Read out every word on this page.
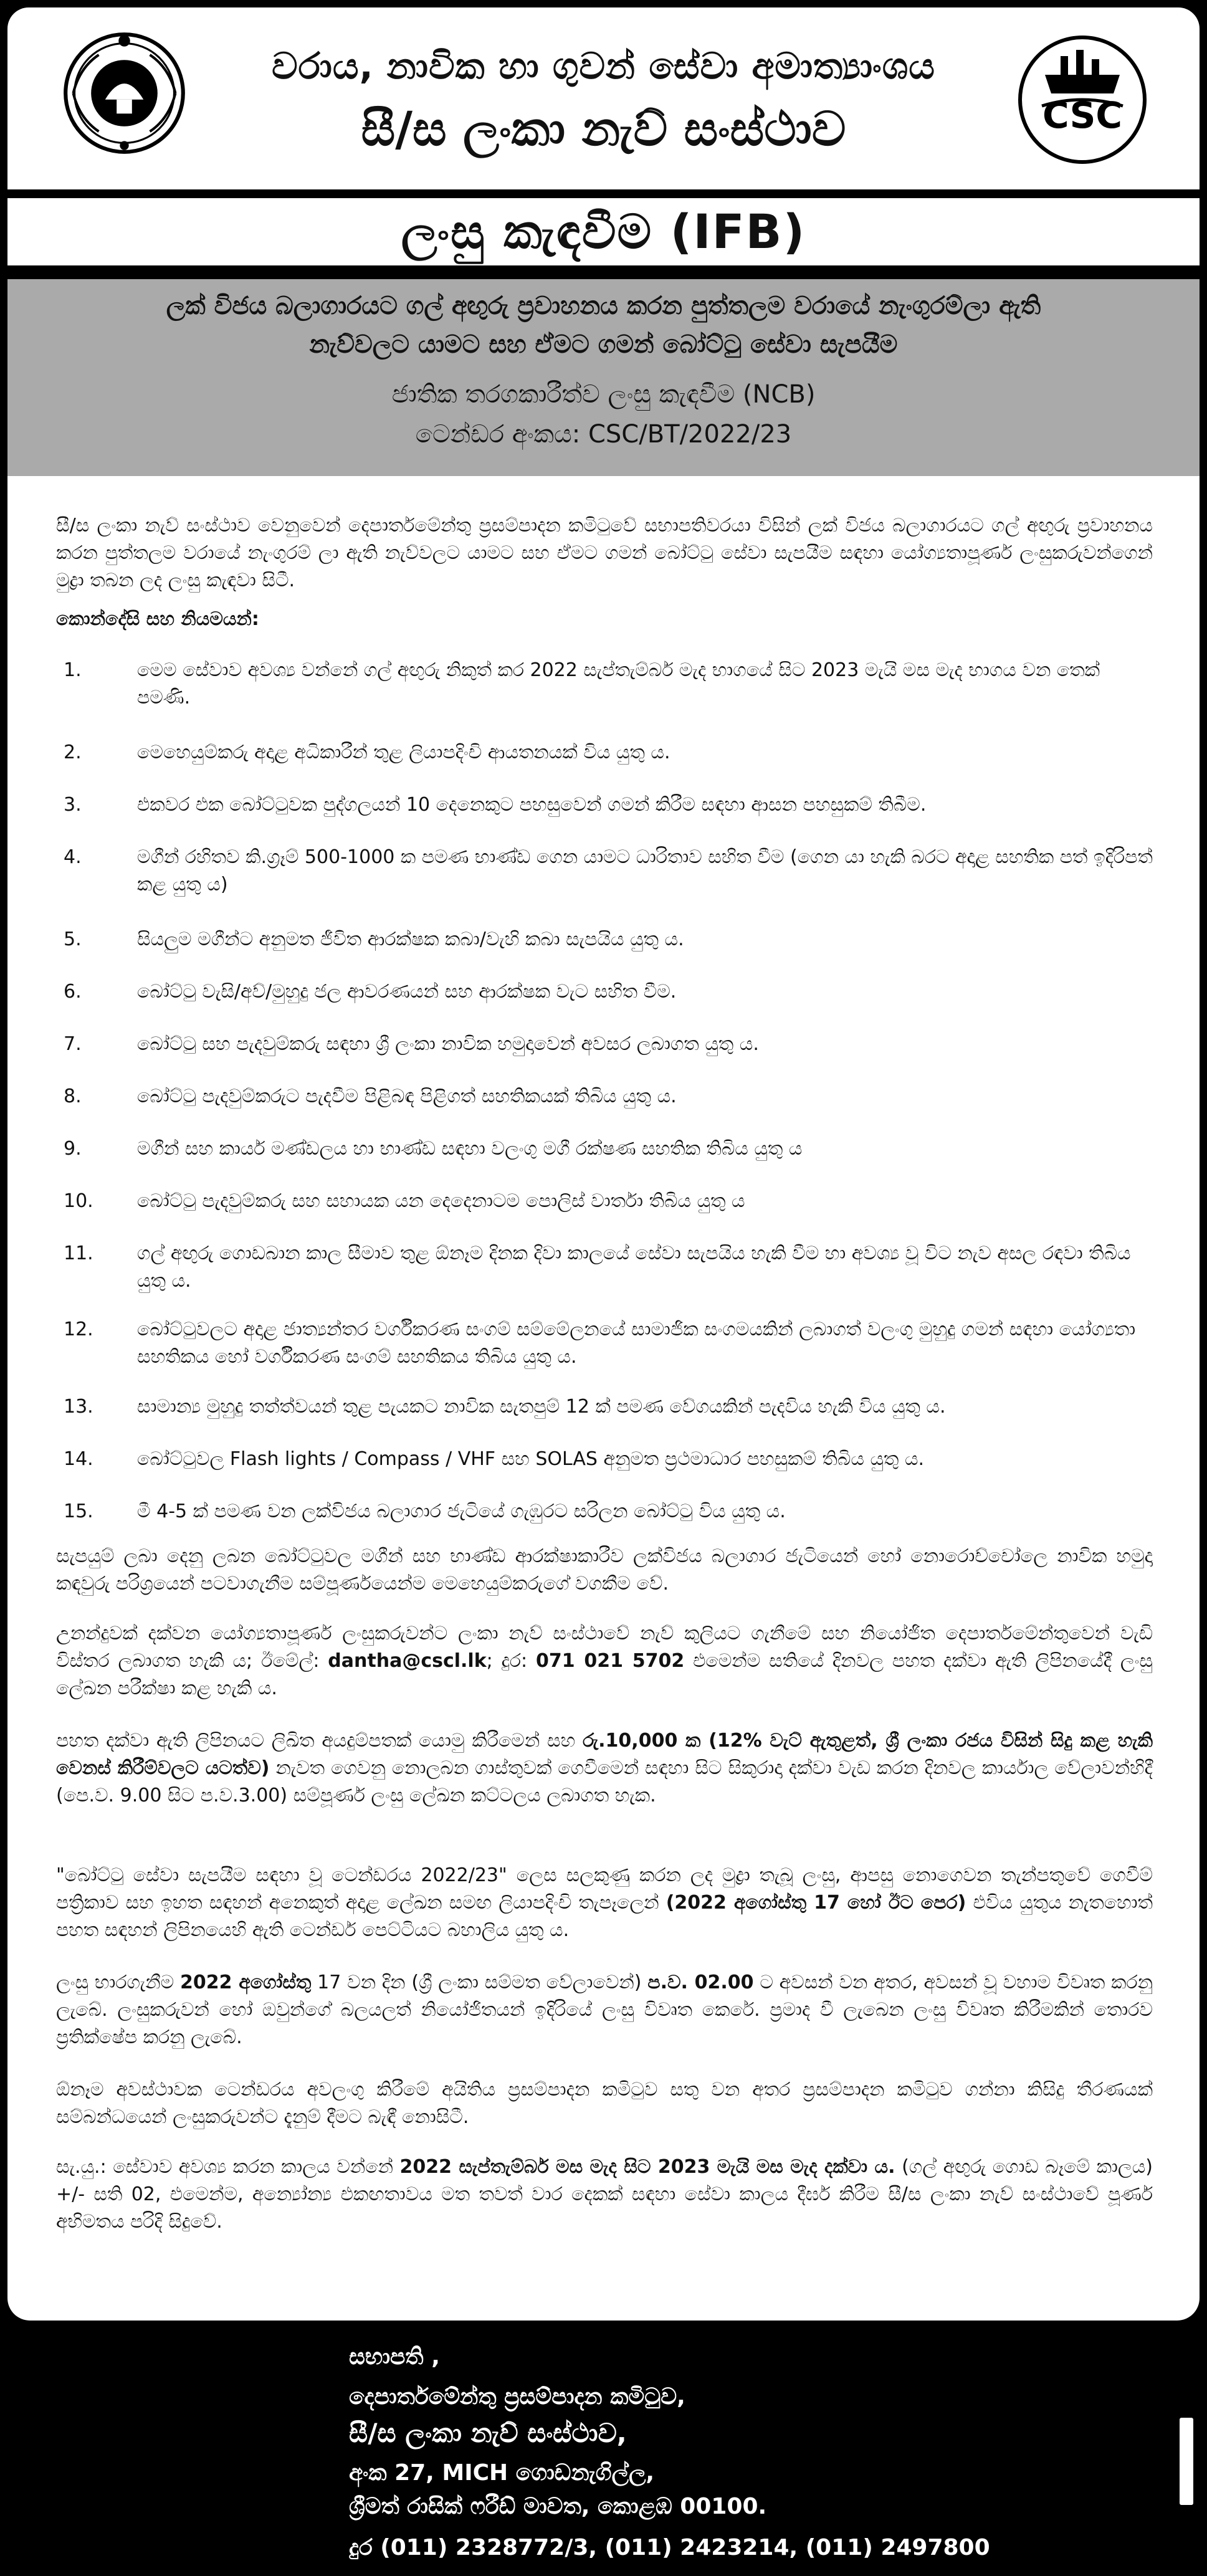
වරාය, නාවික හා ගුවන් සේවා අමාත්‍යාංශය
සී/ස ලංකා නැව් සංස්ථාව	CSC
ලංසු කැඳවීම (IFB)
ලක් විජය බලාගාරයට ගල් අඟුරු ප්‍රවාහනය කරන පුත්තලම වරායේ නැංගුරම්ලා ඇති
නැව්වලට යාමට සහ ඒමට ගමන් බෝට්ටු සේවා සැපයීම
ජාතික තරගකාරීත්ව ලංසු කැඳවීම (NCB)
ටෙන්ඩර අංකය: CSC/BT/2022/23
සී/ස ලංකා නැව් සංස්ථාව වෙනුවෙන් දෙපාර්තමේන්තු ප්‍රසම්පාදන කමිටුවේ සභාපතිවරයා විසින් ලක් විජය බලාගාරයට ගල් අඟුරු ප්‍රවාහනය කරන පුත්තලම වරායේ නැංගුරම් ලා ඇති නැව්වලට යාමට සහ ඒමට ගමන් බෝට්ටු සේවා සැපයීම සඳහා යෝග්‍යතාපූර්ණ ලංසුකරුවන්ගෙන් මුද්‍රා තබන ලද ලංසු කැඳවා සිටී.
කොන්දේසි සහ නියමයන්:
1.	මෙම සේවාව අවශ්‍ය වන්නේ ගල් අඟුරු නිකුත් කර 2022 සැප්තැම්බර් මැද භාගයේ සිට 2023 මැයි මස මැද භාගය වන තෙක් පමණි.
2.	මෙහෙයුම්කරු අදාළ අධිකාරීන් තුළ ලියාපදිංචි ආයතනයක් විය යුතු ය.
3.	එකවර එක බෝට්ටුවක පුද්ගලයන් 10 දෙනෙකුට පහසුවෙන් ගමන් කිරීම සඳහා ආසන පහසුකම් තිබීම.
4.	මගීන් රහිතව කි.ග්‍රෑම් 500-1000 ක පමණ භාණ්ඩ ගෙන යාමට ධාරිතාව සහිත වීම (ගෙන යා හැකි බරට අදාළ සහතික පත් ඉදිරිපත් කළ යුතු ය)
5.	සියලුම මගීන්ට අනුමත ජීවිත ආරක්ෂක කබා/වැහි කබා සැපයිය යුතු ය.
6.	බෝට්ටු වැසි/අව්/මුහුදු ජල ආවරණයන් සහ ආරක්ෂක වැට සහිත වීම.
7.	බෝට්ටු සහ පැදවුම්කරු සඳහා ශ්‍රී ලංකා නාවික හමුදාවෙන් අවසර ලබාගත යුතු ය.
8.	බෝට්ටු පැදවුම්කරුට පැදවීම පිළිබඳ පිළිගත් සහතිකයක් තිබිය යුතු ය.
9.	මගීන් සහ කාර්ය මණ්ඩලය හා භාණ්ඩ සඳහා වලංගු මගී රක්ෂණ සහතික තිබිය යුතු ය
10.	බෝට්ටු පැදවුම්කරු සහ සහායක යන දෙදෙනාටම පොලිස් වාර්තා තිබිය යුතු ය
11.	ගල් අඟුරු ගොඩබාන කාල සීමාව තුළ ඕනෑම දිනක දිවා කාලයේ සේවා සැපයිය හැකි වීම හා අවශ්‍ය වූ විට නැව අසල රඳවා තිබිය යුතු ය.
12.	බෝට්ටුවලට අදාළ ජාත්‍යන්තර වර්ගීකරණ සංගම් සම්මේලනයේ සාමාජික සංගමයකින් ලබාගත් වලංගු මුහුදු ගමන් සඳහා යෝග්‍යතා සහතිකය හෝ වර්ගීකරණ සංගම් සහතිකය තිබිය යුතු ය.
13.	සාමාන්‍ය මුහුදු තත්ත්වයන් තුළ පැයකට නාවික සැතපුම් 12 ක් පමණ වේගයකින් පැදවිය හැකි විය යුතු ය.
14.	බෝට්ටුවල Flash lights / Compass / VHF සහ SOLAS අනුමත ප්‍රථමාධාර පහසුකම් තිබිය යුතු ය.
15.	මී 4-5 ක් පමණ වන ලක්විජය බලාගාර ජැටියේ ගැඹුරට සරිලන බෝට්ටු විය යුතු ය.
සැපයුම් ලබා දෙනු ලබන බෝට්ටුවල මගීන් සහ භාණ්ඩ ආරක්ෂාකාරීව ලක්විජය බලාගාර ජැටියෙන් හෝ නොරොච්චෝලෙ නාවික හමුදා කඳවුරු පරිශ්‍රයෙන් පටවාගැනීම සම්පූර්ණයෙන්ම මෙහෙයුම්කරුගේ වගකීම වේ.
උනන්දුවක් දක්වන යෝග්‍යතාපූර්ණ ලංසුකරුවන්ට ලංකා නැව් සංස්ථාවේ නැව් කුලියට ගැනීමේ සහ නියෝජිත දෙපාර්තමේන්තුවෙන් වැඩි විස්තර ලබාගත හැකි ය; ඊමේල්: dantha@cscl.lk; දුර: 071 021 5702 එමෙන්ම සතියේ දිනවල පහත දක්වා ඇති ලිපිනයේදී ලංසු ලේඛන පරීක්ෂා කළ හැකි ය.
පහත දක්වා ඇති ලිපිනයට ලිඛිත අයදුම්පතක් යොමු කිරීමෙන් සහ රු.10,000 ක (12% වැට් ඇතුළත්, ශ්‍රී ලංකා රජය විසින් සිදු කළ හැකි වෙනස් කිරීම්වලට යටත්ව) නැවත ගෙවනු නොලබන ගාස්තුවක් ගෙවීමෙන් සඳහා සිට සිකුරාදා දක්වා වැඩ කරන දිනවල කාර්යාල වේලාවන්හිදී (පෙ.ව. 9.00 සිට ප.ව.3.00) සම්පූර්ණ ලංසු ලේඛන කට්ටලය ලබාගත හැක.
"බෝට්ටු සේවා සැපයීම සඳහා වූ ටෙන්ඩරය 2022/23" ලෙස සලකුණු කරන ලද මුද්‍රා තැබූ ලංසු, ආපසු නොගෙවන තැන්පතුවේ ගෙවීම් පත්‍රිකාව සහ ඉහත සඳහන් අනෙකුත් අදාළ ලේඛන සමඟ ලියාපදිංචි තැපෑලෙන් (2022 අගෝස්තු 17 හෝ ඊට පෙර) එවිය යුතුය නැතහොත් පහත සඳහන් ලිපිනයෙහි ඇති ටෙන්ඩර් පෙට්ටියට බහාලිය යුතු ය.
ලංසු භාරගැනීම 2022 අගෝස්තු 17 වන දින (ශ්‍රී ලංකා සම්මත වේලාවෙන්) ප.ව. 02.00 ට අවසන් වන අතර, අවසන් වූ වහාම විවෘත කරනු ලැබේ. ලංසුකරුවන් හෝ ඔවුන්ගේ බලයලත් නියෝජිතයන් ඉදිරියේ ලංසු විවෘත කෙරේ. ප්‍රමාද වී ලැබෙන ලංසු විවෘත කිරීමකින් තොරව ප්‍රතික්ෂේප කරනු ලැබේ.
ඕනෑම අවස්ථාවක ටෙන්ඩරය අවලංගු කිරීමේ අයිතිය ප්‍රසම්පාදන කමිටුව සතු වන අතර ප්‍රසම්පාදන කමිටුව ගන්නා කිසිදු තීරණයක් සම්බන්ධයෙන් ලංසුකරුවන්ට දැනුම් දීමට බැඳී නොසිටී.
සැ.යු.: සේවාව අවශ්‍ය කරන කාලය වන්නේ 2022 සැප්තැම්බර් මස මැද සිට 2023 මැයි මස මැද දක්වා ය. (ගල් අඟුරු ගොඩ බෑමේ කාලය) +/- සති 02, එමෙන්ම, අන්‍යෝන්‍ය එකඟතාවය මත තවත් වාර දෙකක් සඳහා සේවා කාලය දීර්ඝ කිරීම සී/ස ලංකා නැව් සංස්ථාවේ පූර්ණ අභිමතය පරිදි සිදුවේ.
සභාපති ,
දෙපාර්තමේන්තු ප්‍රසම්පාදන කමිටුව,
සී/ස ලංකා නැව් සංස්ථාව,
අංක 27, MICH ගොඩනැගිල්ල,
ශ්‍රීමත් රාසික් ෆරීඩ් මාවත, කොළඹ 00100.
දුර (011) 2328772/3, (011) 2423214, (011) 2497800
